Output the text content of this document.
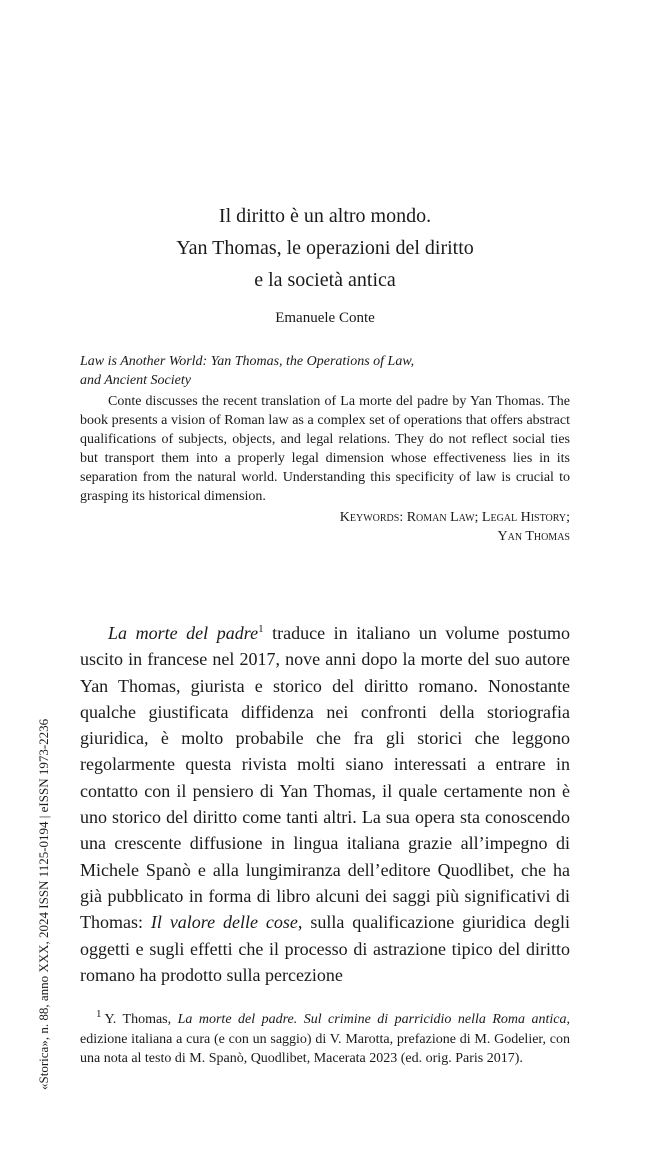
Il diritto è un altro mondo.

Yan Thomas, le operazioni del diritto

e la società antica

Emanuele Conte

Law is Another World: Yan Thomas, the Operations of Law,
and Ancient Society

Conte discusses the recent translation of La morte del padre by Yan Thomas. The book presents a vision of Roman law as a complex set of operations that offers abstract qualifications of subjects, objects, and legal relations. They do not reflect social ties but transport them into a properly legal dimension whose effectiveness lies in its separation from the natural world. Understanding this specificity of law is crucial to grasping its historical dimension.

Keywords: Roman Law; Legal History;
Yan Thomas

La morte del padre$^1$ traduce in italiano un volume postumo uscito in francese nel 2017, nove anni dopo la morte del suo autore Yan Thomas, giurista e storico del diritto romano. Nonostante qualche giustificata diffidenza nei confronti della storiografia giuridica, è molto probabile che fra gli storici che leggono regolarmente questa rivista molti siano interessati a entrare in contatto con il pensiero di Yan Thomas, il quale certamente non è uno storico del diritto come tanti altri. La sua opera sta conoscendo una crescente diffusione in lingua italiana grazie all’impegno di Michele Spanò e alla lungimiranza dell’editore Quodlibet, che ha già pubblicato in forma di libro alcuni dei saggi più significativi di Thomas: Il valore delle cose, sulla qualificazione giuridica degli oggetti e sugli effetti che il processo di astrazione tipico del diritto romano ha prodotto sulla percezione

$^1$ Y. Thomas, La morte del padre. Sul crimine di parricidio nella Roma antica, edizione italiana a cura (e con un saggio) di V. Marotta, prefazione di M. Godelier, con una nota al testo di M. Spanò, Quodlibet, Macerata 2023 (ed. orig. Paris 2017).

«Storica», n. 88, anno XXX, 2024 ISSN 1125-0194 | eISSN 1973-2236
